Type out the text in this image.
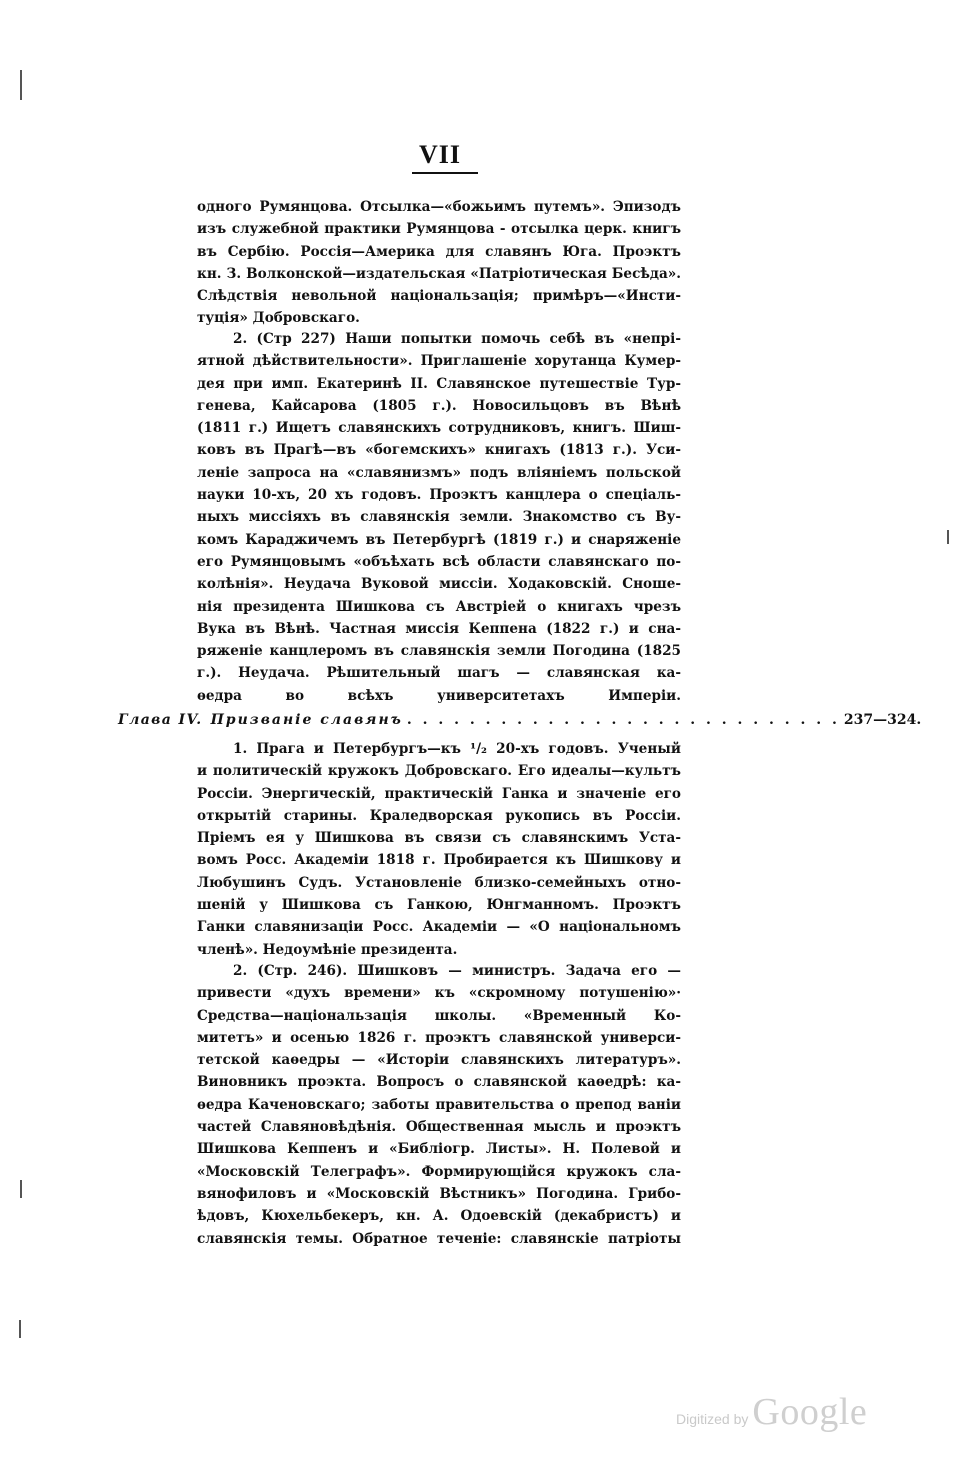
VII
одного Румянцова. Отсылка—«божьимъ путемъ». Эпизодъ
изъ служебной практики Румянцова - отсылка церк. книгъ
въ Сербію. Россія—Америка для славянъ Юга. Проэктъ
кн. З. Волконской—издательская «Патріотическая Бесѣда».
Слѣдствія невольной національзація; примѣръ—«Инсти-
туція» Добровскаго.
2. (Стр 227) Наши попытки помочь себѣ въ «непрі-
ятной дѣйствительности». Приглашеніе хорутанца Кумер-
дея при имп. Екатеринѣ II. Славянское путешествіе Тур-
генева, Кайсарова (1805 г.). Новосильцовъ въ Вѣнѣ
(1811 г.) Ищетъ славянскихъ сотрудниковъ, книгъ. Шиш-
ковъ въ Прагѣ—въ «богемскихъ» книгахъ (1813 г.). Уси-
леніе запроса на «славянизмъ» подъ вліяніемъ польской
науки 10-хъ, 20 хъ годовъ. Проэктъ канцлера о спеціаль-
ныхъ миссіяхъ въ славянскія земли. Знакомство съ Ву-
комъ Караджичемъ въ Петербургѣ (1819 г.) и снаряженіе
его Румянцовымъ «объѣхать всѣ области славянскаго по-
колѣнія». Неудача Вуковой миссіи. Ходаковскій. Сноше-
нія президента Шишкова съ Австріей о книгахъ чрезъ
Вука въ Вѣнѣ. Частная миссія Кеппена (1822 г.) и сна-
ряженіе канцлеромъ въ славянскія земли Погодина (1825
г.). Неудача. Рѣшительный шагъ — славянская ка-
ѳедра во всѣхъ университетахъ Имперіи.
Глава IV. Призваніе славянъ . . . . . . . . . . . . . . . . . . . . . . . . . . . . 237—324.
1. Прага и Петербургъ—къ ¹/₂ 20-хъ годовъ. Ученый
и политическій кружокъ Добровскаго. Его идеалы—культъ
Россіи. Энергическій, практическій Ганка и значеніе его
открытій старины. Краледворская рукопись въ Россіи.
Пріемъ ея у Шишкова въ связи съ славянскимъ Уста-
вомъ Росс. Академіи 1818 г. Пробирается къ Шишкову и
Любушинъ Судъ. Установленіе близко-семейныхъ отно-
шеній у Шишкова съ Ганкою, Юнгманномъ. Проэктъ
Ганки славянизаціи Росс. Академіи — «О національномъ
членѣ». Недоумѣніе президента.
2. (Стр. 246). Шишковъ — министръ. Задача его —
привести «духъ времени» къ «скромному потушенію»·
Средства—національзація школы. «Временный Ко-
митетъ» и осенью 1826 г. проэктъ славянской универси-
тетской каѳедры — «Исторіи славянскихъ литературъ».
Виновникъ проэкта. Вопросъ о славянской каѳедрѣ: ка-
ѳедра Каченовскаго; заботы правительства о препод ваніи
частей Славяновѣдѣнія. Общественная мысль и проэктъ
Шишкова Кеппенъ и «Библіогр. Листы». Н. Полевой и
«Московскій Телеграфъ». Формирующійся кружокъ сла-
вянофиловъ и «Московскій Вѣстникъ» Погодина. Грибо-
ѣдовъ, Кюхельбекеръ, кн. А. Одоевскій (декабристъ) и
славянскія темы. Обратное теченіе: славянскіе патріоты
Digitized by Google
